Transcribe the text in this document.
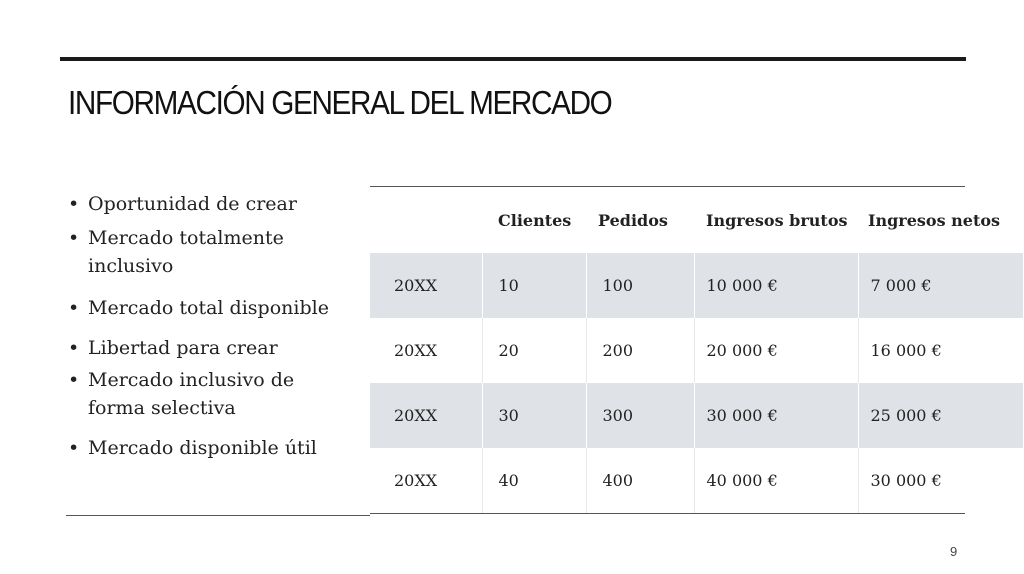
INFORMACIÓN GENERAL DEL MERCADO
• Oportunidad de crear
• Mercado totalmente inclusivo
• Mercado total disponible
• Libertad para crear
• Mercado inclusivo de forma selectiva
• Mercado disponible útil
	Clientes	Pedidos	Ingresos brutos	Ingresos netos
20XX	10	100	10 000 €	7 000 €
20XX	20	200	20 000 €	16 000 €
20XX	30	300	30 000 €	25 000 €
20XX	40	400	40 000 €	30 000 €
9
